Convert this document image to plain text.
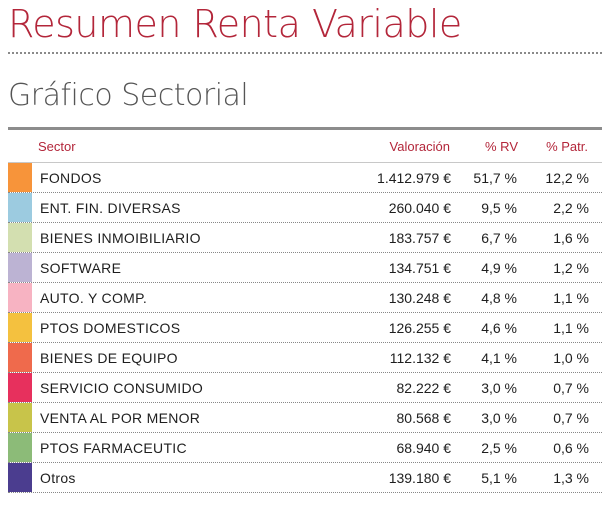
Resumen Renta Variable
Gráfico Sectorial
Sector	Valoración	% RV % Patr.
FONDOS	1.412.979 € 51,7 % 12,2 %
ENT. FIN. DIVERSAS	260.040 € 9,5 %	2,2 %
BIENES INMOIBILIARIO	183.757 € 6,7 %	1,6 %
SOFTWARE	134.751 € 4,9 %	1,2 %
AUTO. Y COMP.	130.248 € 4,8 %	1,1 %
PTOS DOMESTICOS	126.255 € 4,6 %	1,1 %
BIENES DE EQUIPO	112.132 € 4,1 %	1,0 %
SERVICIO CONSUMIDO	82.222 € 3,0 %	0,7 %
VENTA AL POR MENOR	80.568 € 3,0 %	0,7 %
PTOS FARMACEUTIC	68.940 € 2,5 %	0,6 %
Otros	139.180 € 5,1 %	1,3 %
